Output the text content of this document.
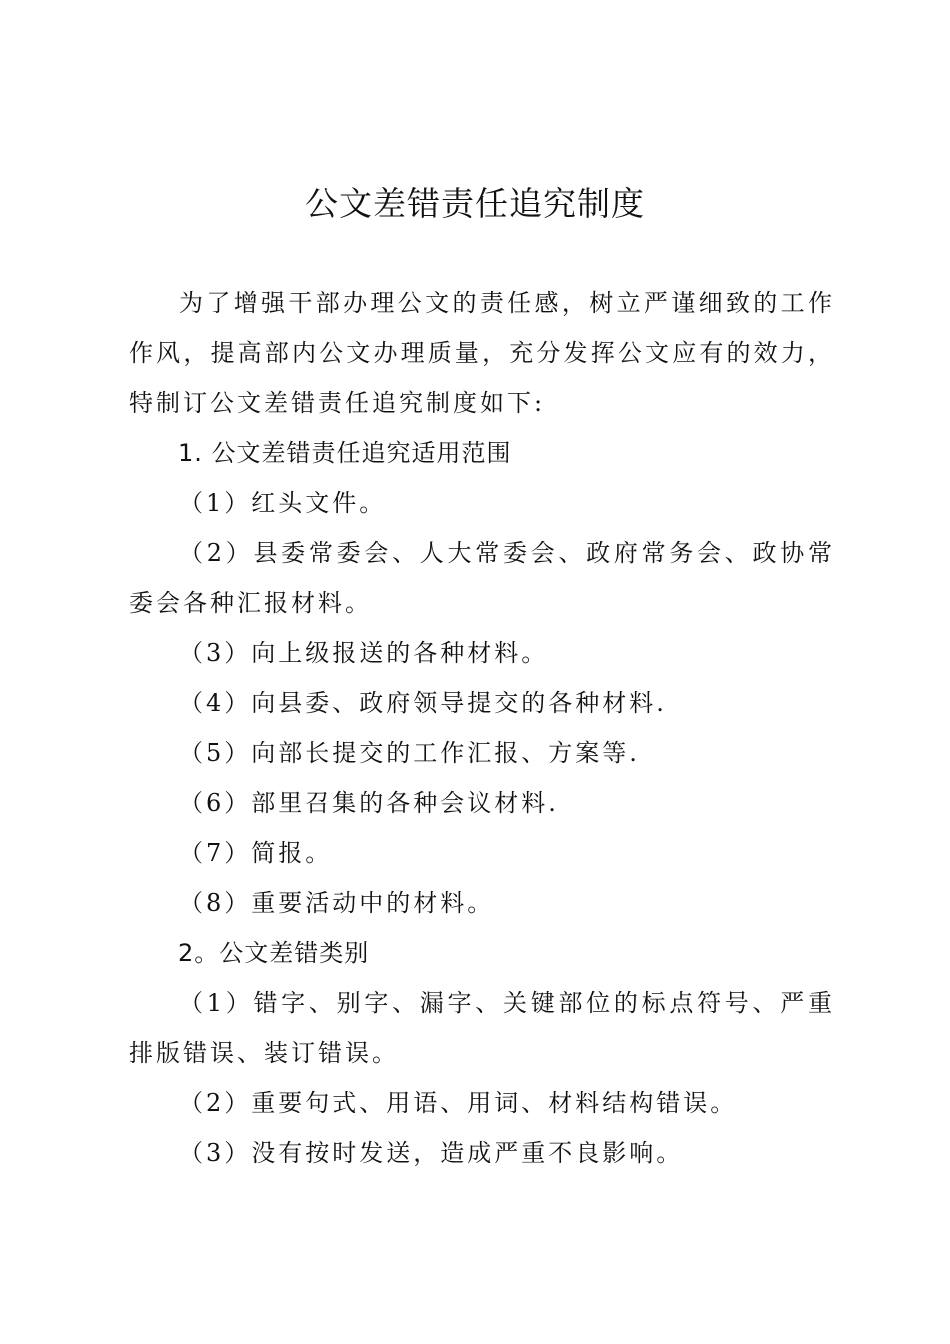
公文差错责任追究制度

为了增强干部办理公文的责任感，树立严谨细致的工作作风，提高部内公文办理质量，充分发挥公文应有的效力，特制订公文差错责任追究制度如下:

1. 公文差错责任追究适用范围

（1）红头文件。

（2）县委常委会、人大常委会、政府常务会、政协常委会各种汇报材料。

（3）向上级报送的各种材料。

（4）向县委、政府领导提交的各种材料.

（5）向部长提交的工作汇报、方案等.

（6）部里召集的各种会议材料.

（7）简报。

（8）重要活动中的材料。

2。公文差错类别

（1）错字、别字、漏字、关键部位的标点符号、严重排版错误、装订错误。

（2）重要句式、用语、用词、材料结构错误。

（3）没有按时发送，造成严重不良影响。
